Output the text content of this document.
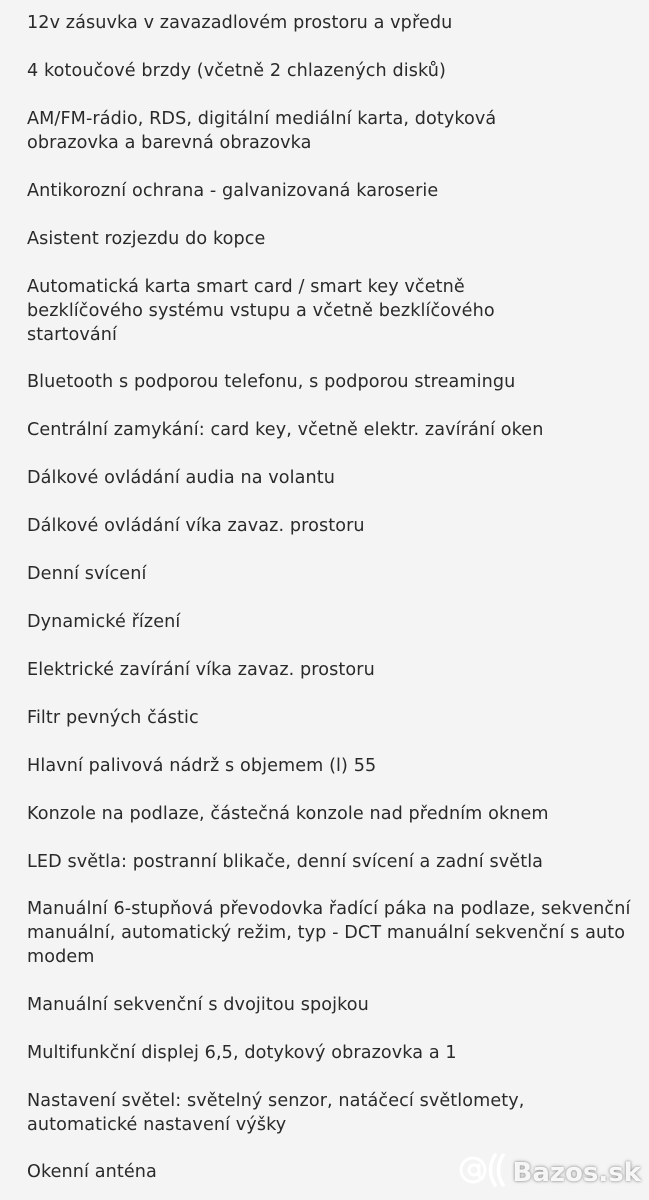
12v zásuvka v zavazadlovém prostoru a vpředu
4 kotoučové brzdy (včetně 2 chlazených disků)
AM/FM-rádio, RDS, digitální mediální karta, dotyková obrazovka a barevná obrazovka
Antikorozní ochrana - galvanizovaná karoserie
Asistent rozjezdu do kopce
Automatická karta smart card / smart key včetně bezklíčového systému vstupu a včetně bezklíčového startování
Bluetooth s podporou telefonu, s podporou streamingu
Centrální zamykání: card key, včetně elektr. zavírání oken
Dálkové ovládání audia na volantu
Dálkové ovládání víka zavaz. prostoru
Denní svícení
Dynamické řízení
Elektrické zavírání víka zavaz. prostoru
Filtr pevných částic
Hlavní palivová nádrž s objemem (l) 55
Konzole na podlaze, částečná konzole nad předním oknem
LED světla: postranní blikače, denní svícení a zadní světla
Manuální 6-stupňová převodovka řadící páka na podlaze, sekvenční manuální, automatický režim, typ - DCT manuální sekvenční s auto modem
Manuální sekvenční s dvojitou spojkou
Multifunkční displej 6,5, dotykový obrazovka a 1
Nastavení světel: světelný senzor, natáčecí světlomety, automatické nastavení výšky
Okenní anténa	Bazos.sk
